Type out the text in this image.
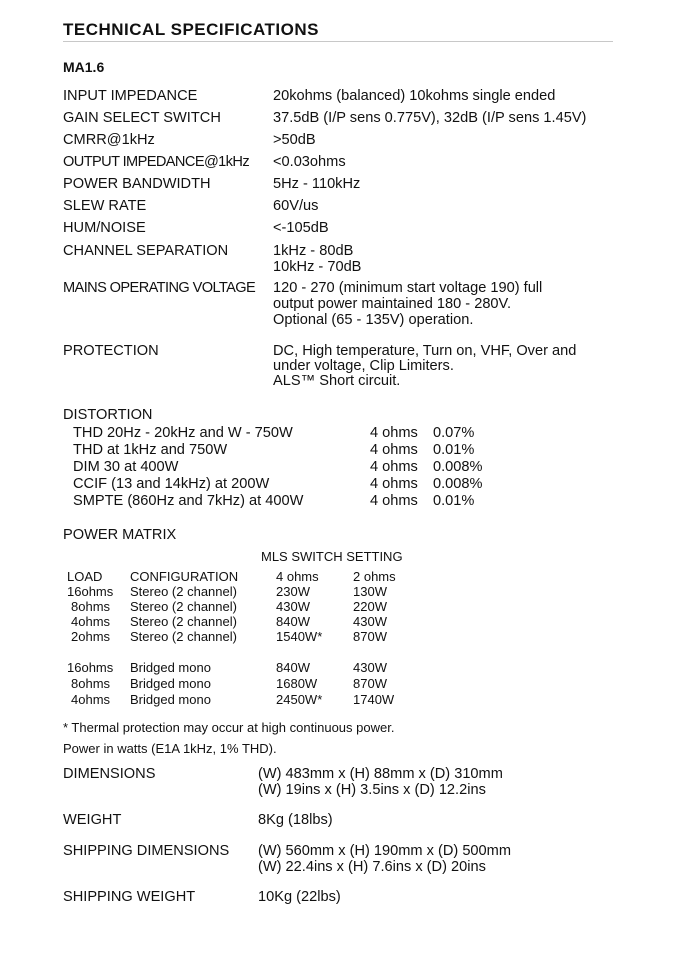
TECHNICAL SPECIFICATIONS
MA1.6
INPUT IMPEDANCE	20kohms (balanced) 10kohms single ended
GAIN SELECT SWITCH	37.5dB (I/P sens 0.775V), 32dB (I/P sens 1.45V)
CMRR@1kHz	>50dB
OUTPUT IMPEDANCE@1kHz <0.03ohms
POWER BANDWIDTH	5Hz - 110kHz
SLEW RATE	60V/us
HUM/NOISE	<-105dB
CHANNEL SEPARATION	1kHz - 80dB
10kHz - 70dB
MAINS OPERATING VOLTAGE 120 - 270 (minimum start voltage 190) full
output power maintained 180 - 280V.
Optional (65 - 135V) operation.
PROTECTION	DC, High temperature, Turn on, VHF, Over and
under voltage, Clip Limiters.
ALS™ Short circuit.
DISTORTION
THD 20Hz - 20kHz and W - 750W	4 ohms 0.07%
THD at 1kHz and 750W	4 ohms 0.01%
DIM 30 at 400W	4 ohms 0.008%
CCIF (13 and 14kHz) at 200W	4 ohms 0.008%
SMPTE (860Hz and 7kHz) at 400W	4 ohms 0.01%
POWER MATRIX
MLS SWITCH SETTING
LOAD CONFIGURATION	4 ohms	2 ohms
16ohms Stereo (2 channel)	230W	130W
8ohms Stereo (2 channel)	430W	220W
4ohms Stereo (2 channel)	840W	430W
2ohms Stereo (2 channel)	1540W* 870W
16ohms Bridged mono	840W	430W
8ohms Bridged mono	1680W	870W
4ohms Bridged mono	2450W* 1740W
* Thermal protection may occur at high continuous power.
Power in watts (E1A 1kHz, 1% THD).
DIMENSIONS	(W) 483mm x (H) 88mm x (D) 310mm
(W) 19ins x (H) 3.5ins x (D) 12.2ins
WEIGHT	8Kg (18lbs)
SHIPPING DIMENSIONS (W) 560mm x (H) 190mm x (D) 500mm
(W) 22.4ins x (H) 7.6ins x (D) 20ins
SHIPPING WEIGHT	10Kg (22lbs)
